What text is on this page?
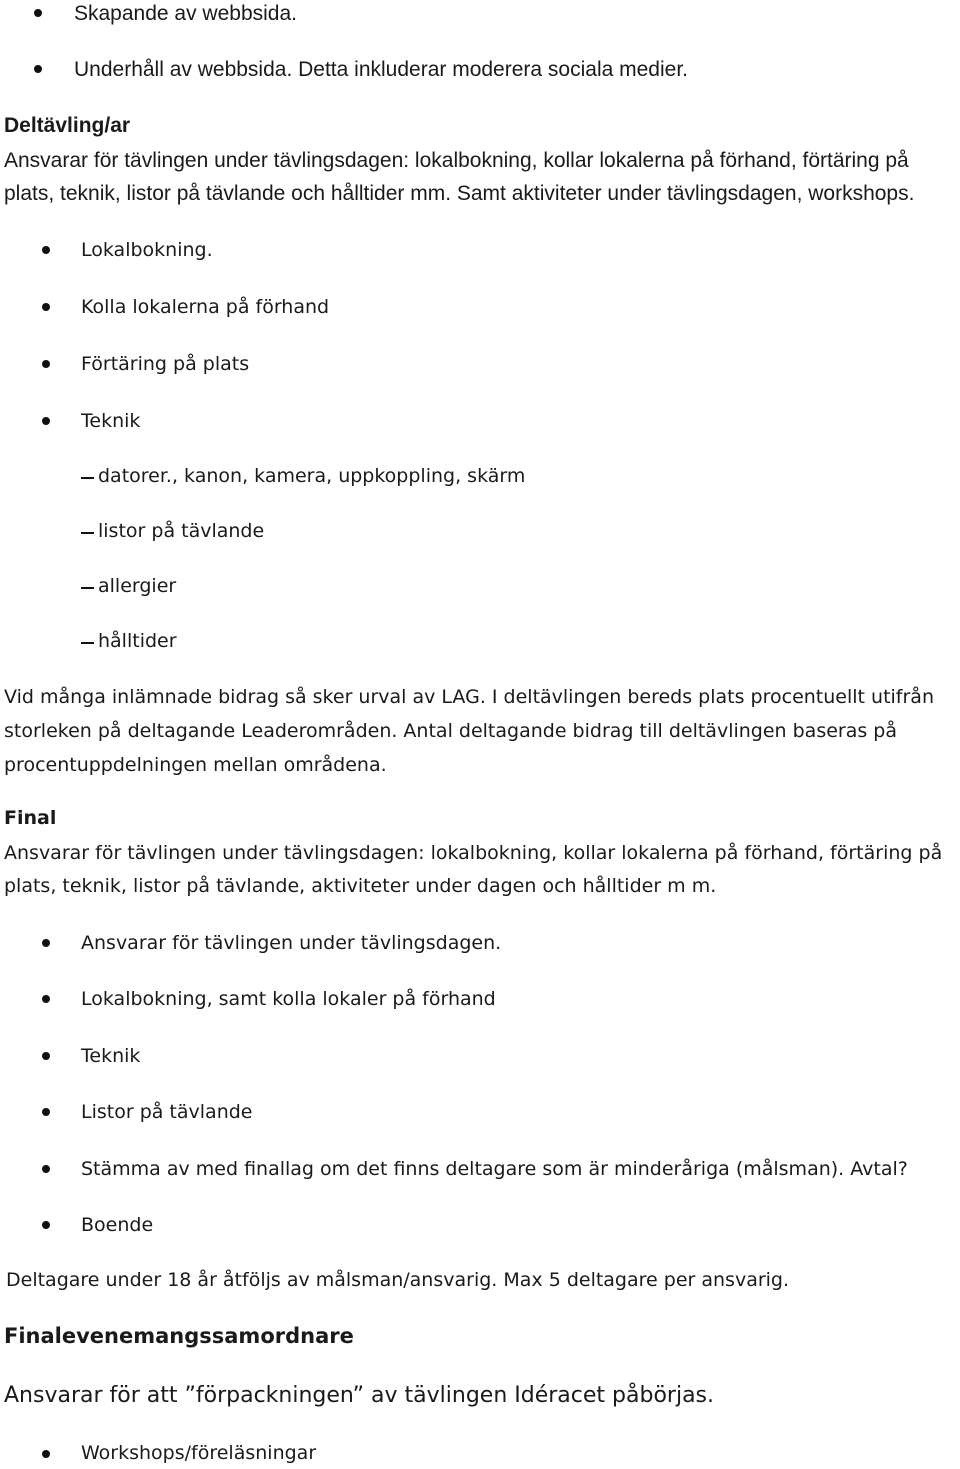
Skapande av webbsida.
Underhåll av webbsida. Detta inkluderar moderera sociala medier.
Deltävling/ar
Ansvarar för tävlingen under tävlingsdagen: lokalbokning, kollar lokalerna på förhand, förtäring på
plats, teknik, listor på tävlande och hålltider mm. Samt aktiviteter under tävlingsdagen, workshops.
Lokalbokning.
Kolla lokalerna på förhand
Förtäring på plats
Teknik
datorer., kanon, kamera, uppkoppling, skärm
listor på tävlande
allergier
hålltider
Vid många inlämnade bidrag så sker urval av LAG. I deltävlingen bereds plats procentuellt utifrån
storleken på deltagande Leaderområden. Antal deltagande bidrag till deltävlingen baseras på
procentuppdelningen mellan områdena.
Final
Ansvarar för tävlingen under tävlingsdagen: lokalbokning, kollar lokalerna på förhand, förtäring på
plats, teknik, listor på tävlande, aktiviteter under dagen och hålltider m m.
Ansvarar för tävlingen under tävlingsdagen.
Lokalbokning, samt kolla lokaler på förhand
Teknik
Listor på tävlande
Stämma av med finallag om det finns deltagare som är minderåriga (målsman). Avtal?
Boende
Deltagare under 18 år åtföljs av målsman/ansvarig. Max 5 deltagare per ansvarig.
Finalevenemangssamordnare
Ansvarar för att ”förpackningen” av tävlingen Idéracet påbörjas.
Workshops/föreläsningar
